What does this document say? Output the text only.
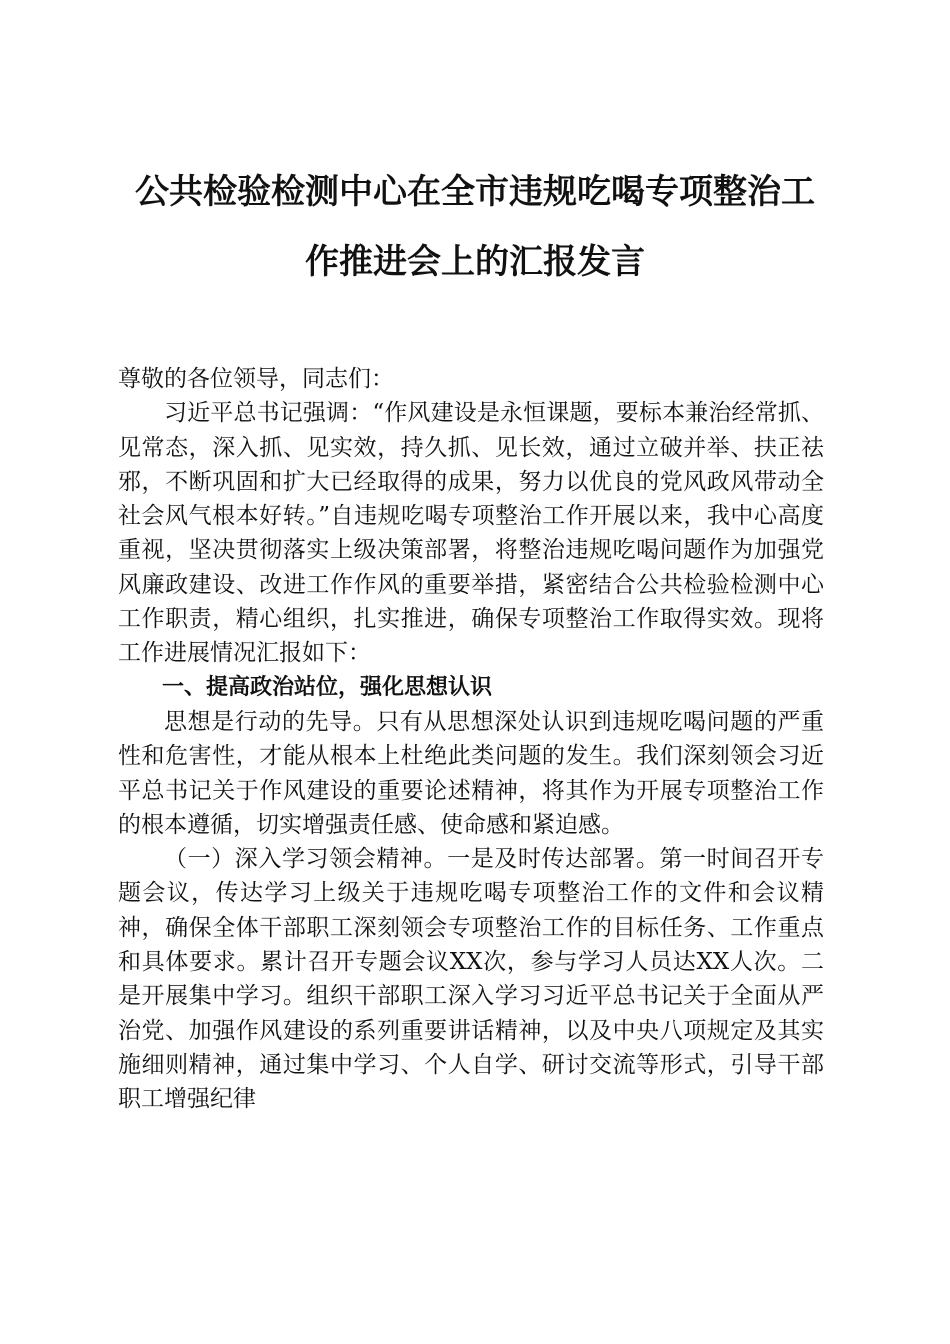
公共检验检测中心在全市违规吃喝专项整治工
作推进会上的汇报发言

尊敬的各位领导，同志们：

习近平总书记强调：“作风建设是永恒课题，要标本兼治经常抓、见常态，深入抓、见实效，持久抓、见长效，通过立破并举、扶正祛邪，不断巩固和扩大已经取得的成果，努力以优良的党风政风带动全社会风气根本好转。”自违规吃喝专项整治工作开展以来，我中心高度重视，坚决贯彻落实上级决策部署，将整治违规吃喝问题作为加强党风廉政建设、改进工作作风的重要举措，紧密结合公共检验检测中心工作职责，精心组织，扎实推进，确保专项整治工作取得实效。现将工作进展情况汇报如下：

一、提高政治站位，强化思想认识

思想是行动的先导。只有从思想深处认识到违规吃喝问题的严重性和危害性，才能从根本上杜绝此类问题的发生。我们深刻领会习近平总书记关于作风建设的重要论述精神，将其作为开展专项整治工作的根本遵循，切实增强责任感、使命感和紧迫感。

（一）深入学习领会精神。一是及时传达部署。第一时间召开专题会议，传达学习上级关于违规吃喝专项整治工作的文件和会议精神，确保全体干部职工深刻领会专项整治工作的目标任务、工作重点和具体要求。累计召开专题会议XX次，参与学习人员达XX人次。二是开展集中学习。组织干部职工深入学习习近平总书记关于全面从严治党、加强作风建设的系列重要讲话精神，以及中央八项规定及其实施细则精神，通过集中学习、个人自学、研讨交流等形式，引导干部职工增强纪律
